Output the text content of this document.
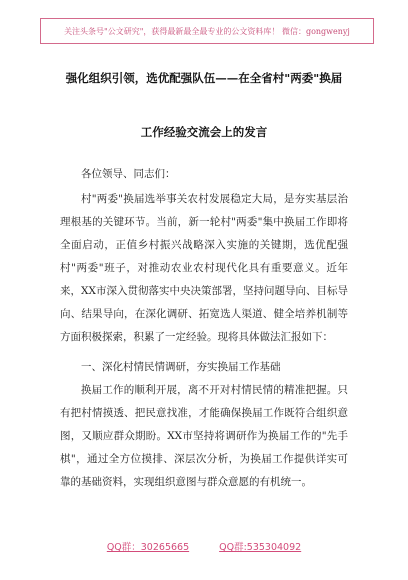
关注头条号"公文研究"，获得最新最全最专业的公文资料库！ 微信：gongwenyj
强化组织引领，选优配强队伍——在全省村"两委"换届
工作经验交流会上的发言
各位领导、同志们：
村"两委"换届选举事关农村发展稳定大局，是夯实基层治理根基的关键环节。当前，新一轮村"两委"集中换届工作即将全面启动，正值乡村振兴战略深入实施的关键期，选优配强村"两委"班子，对推动农业农村现代化具有重要意义。近年来，XX市深入贯彻落实中央决策部署，坚持问题导向、目标导向、结果导向，在深化调研、拓宽选人渠道、健全培养机制等方面积极探索，积累了一定经验。现将具体做法汇报如下：
一、深化村情民情调研，夯实换届工作基础
换届工作的顺利开展，离不开对村情民情的精准把握。只有把村情摸透、把民意找准，才能确保换届工作既符合组织意图，又顺应群众期盼。XX市坚持将调研作为换届工作的"先手棋"，通过全方位摸排、深层次分析，为换届工作提供详实可靠的基础资料，实现组织意图与群众意愿的有机统一。
QQ群：30265665	QQ群:535304092
